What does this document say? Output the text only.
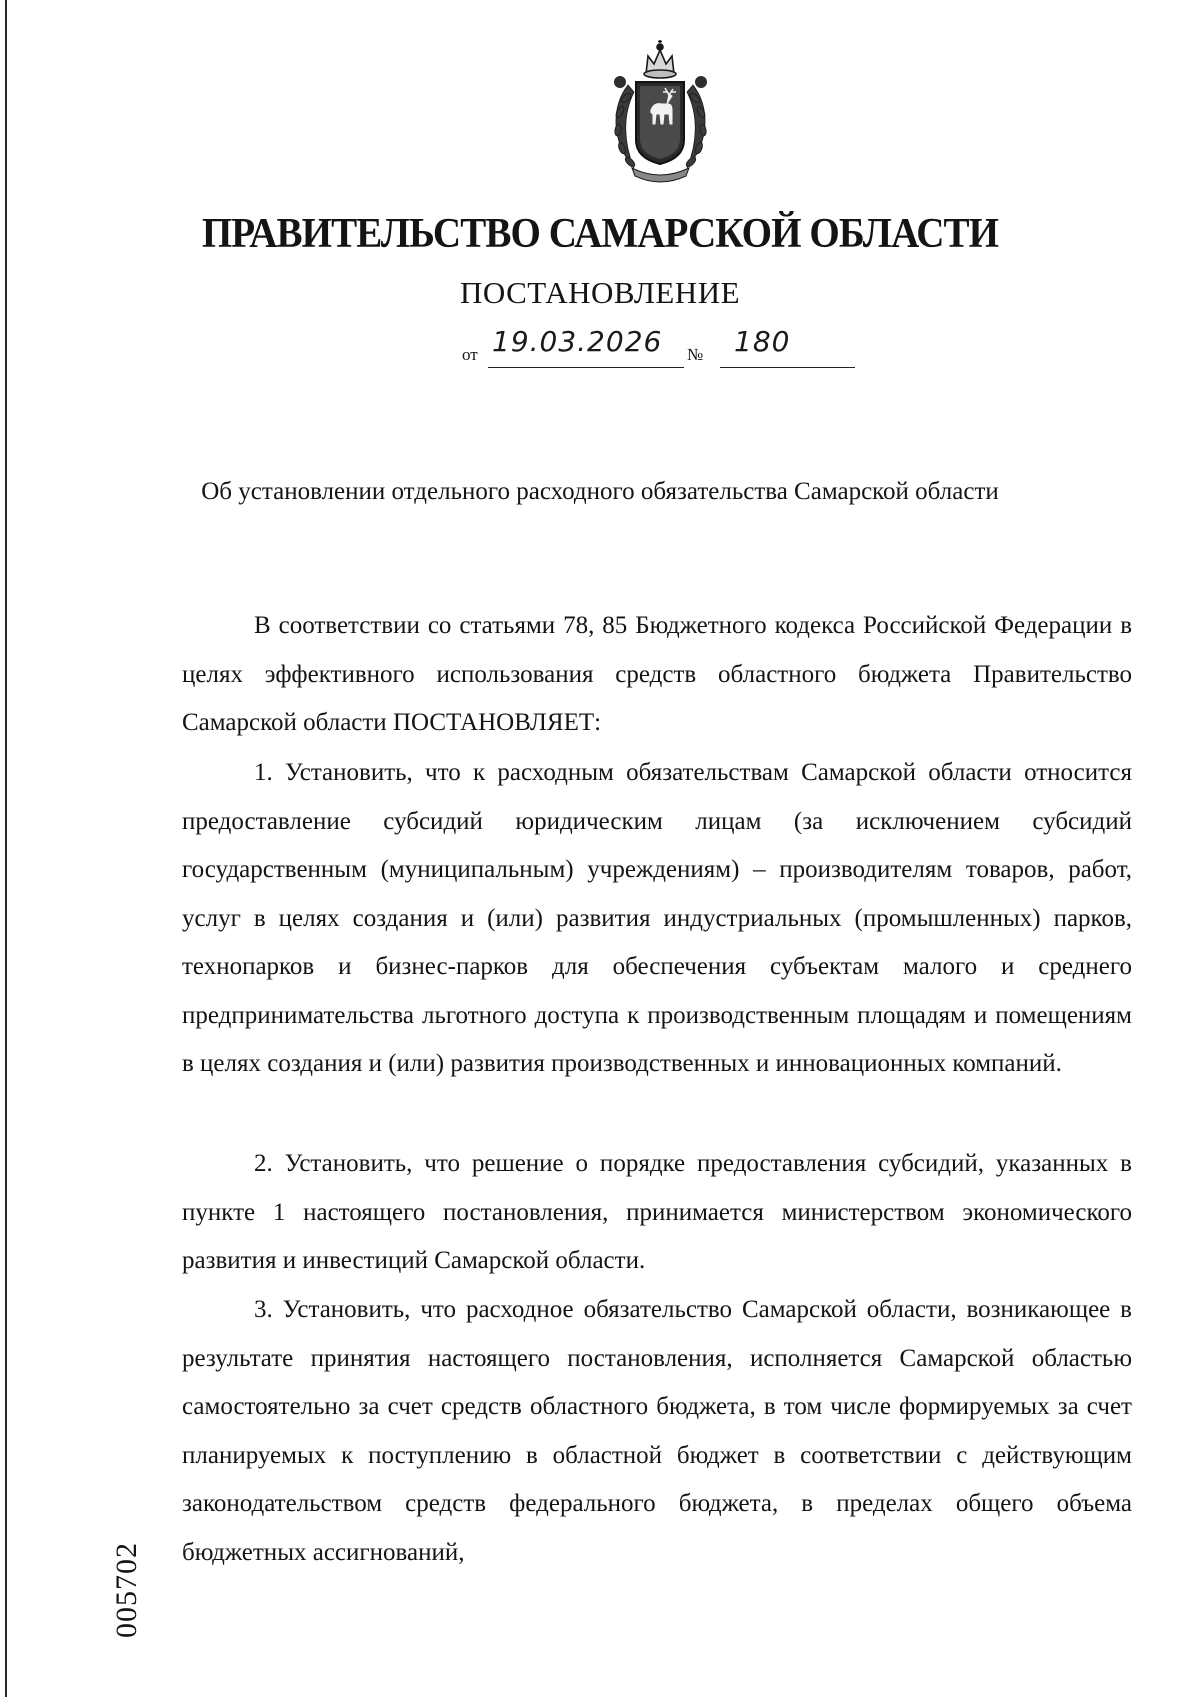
ПРАВИТЕЛЬСТВО САМАРСКОЙ ОБЛАСТИ
ПОСТАНОВЛЕНИЕ
от 19.03.2026 № 180
Об установлении отдельного расходного обязательства Самарской области

В соответствии со статьями 78, 85 Бюджетного кодекса Российской Федерации в целях эффективного использования средств областного бюджета Правительство Самарской области ПОСТАНОВЛЯЕТ:

1. Установить, что к расходным обязательствам Самарской области относится предоставление субсидий юридическим лицам (за исключением субсидий государственным (муниципальным) учреждениям) – производителям товаров, работ, услуг в целях создания и (или) развития индустриальных (промышленных) парков, технопарков и бизнес-парков для обеспечения субъектам малого и среднего предпринимательства льготного доступа к производственным площадям и помещениям в целях создания и (или) развития производственных и инновационных компаний.

2. Установить, что решение о порядке предоставления субсидий, указанных в пункте 1 настоящего постановления, принимается министерством экономического развития и инвестиций Самарской области.

3. Установить, что расходное обязательство Самарской области, возникающее в результате принятия настоящего постановления, исполняется Самарской областью самостоятельно за счет средств областного бюджета, в том числе формируемых за счет планируемых к поступлению в областной бюджет в соответствии с действующим законодательством средств федерального бюджета, в пределах общего объема бюджетных ассигнований,

005702
